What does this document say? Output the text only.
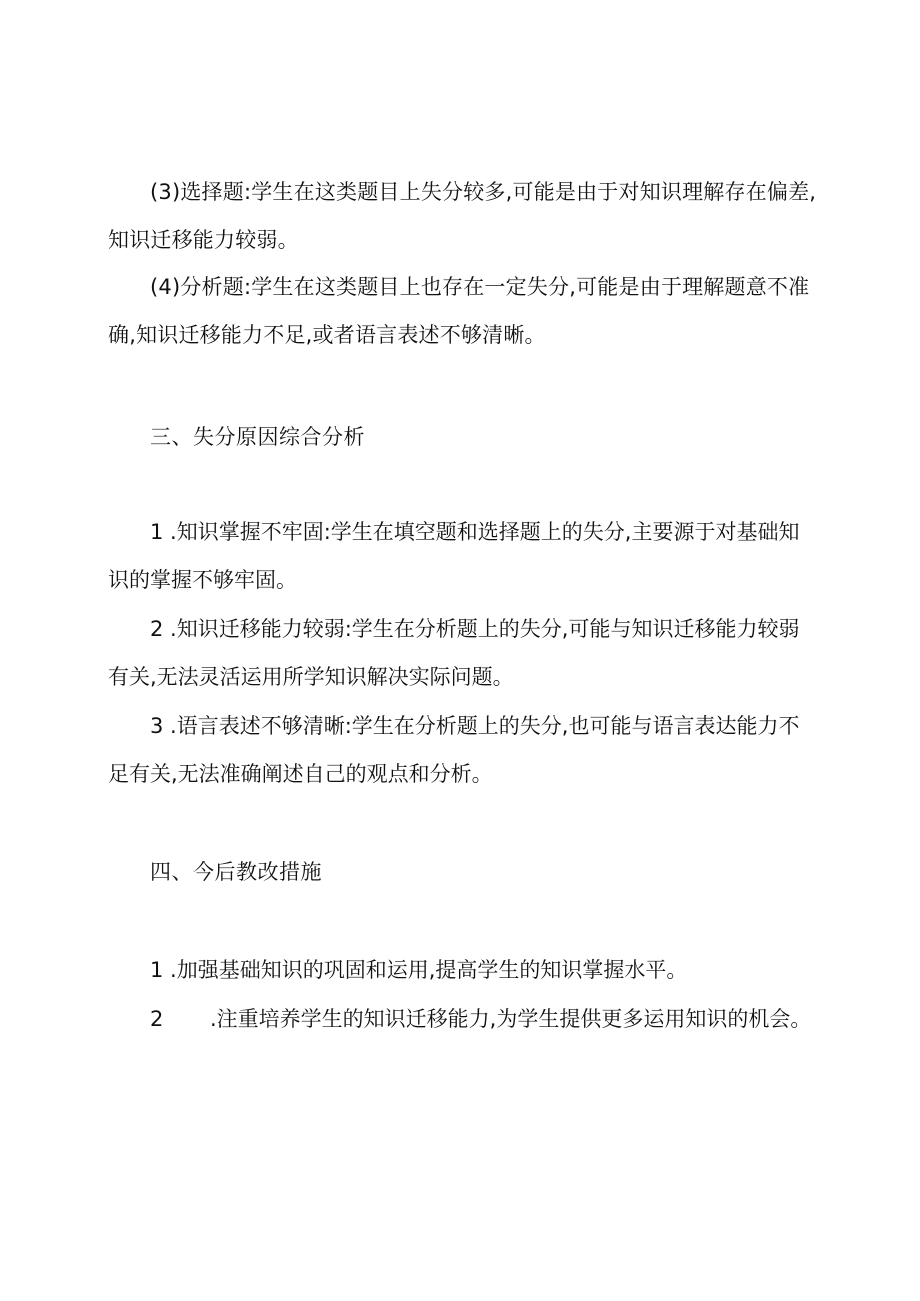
(3)选择题:学生在这类题目上失分较多,可能是由于对知识理解存在偏差,知识迁移能力较弱。

(4)分析题:学生在这类题目上也存在一定失分,可能是由于理解题意不准确,知识迁移能力不足,或者语言表述不够清晰。

三、失分原因综合分析

1 .知识掌握不牢固:学生在填空题和选择题上的失分,主要源于对基础知识的掌握不够牢固。

2 .知识迁移能力较弱:学生在分析题上的失分,可能与知识迁移能力较弱有关,无法灵活运用所学知识解决实际问题。

3 .语言表述不够清晰:学生在分析题上的失分,也可能与语言表达能力不足有关,无法准确阐述自己的观点和分析。

四、今后教改措施

1 .加强基础知识的巩固和运用,提高学生的知识掌握水平。

2 .注重培养学生的知识迁移能力,为学生提供更多运用知识的机会。
